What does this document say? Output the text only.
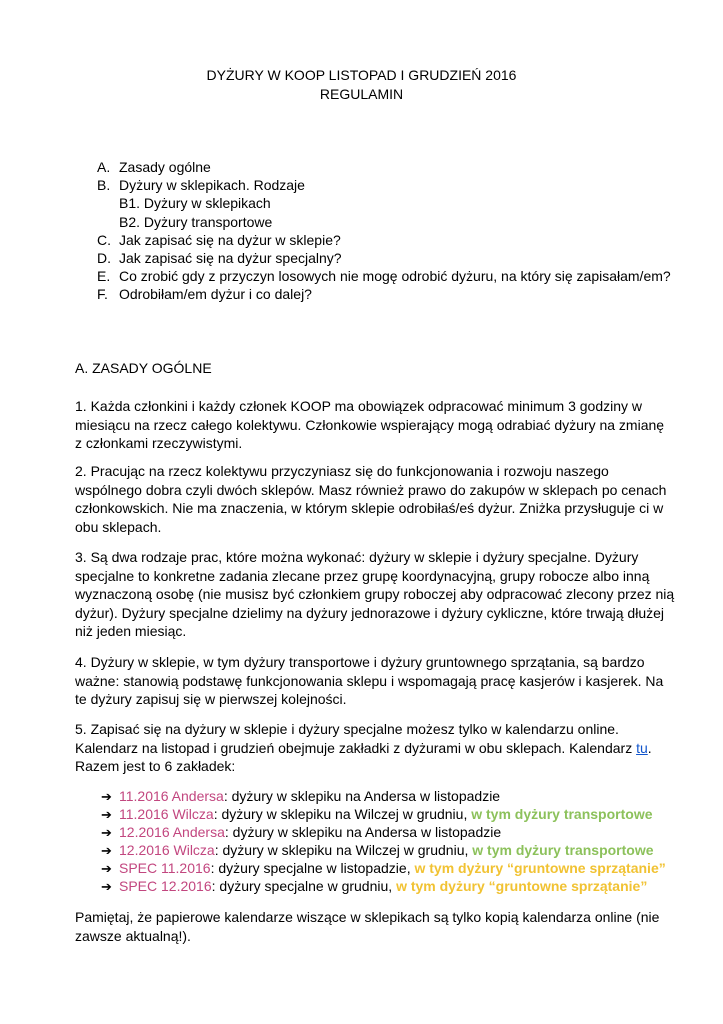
DYŻURY W KOOP LISTOPAD I GRUDZIEŃ 2016
REGULAMIN
A. Zasady ogólne
B. Dyżury w sklepikach. Rodzaje
B1. Dyżury w sklepikach
B2. Dyżury transportowe
C. Jak zapisać się na dyżur w sklepie?
D. Jak zapisać się na dyżur specjalny?
E. Co zrobić gdy z przyczyn losowych nie mogę odrobić dyżuru, na który się zapisałam/em?
F. Odrobiłam/em dyżur i co dalej?
A. ZASADY OGÓLNE
1. Każda członkini i każdy członek KOOP ma obowiązek odpracować minimum 3 godziny w
miesiącu na rzecz całego kolektywu. Członkowie wspierający mogą odrabiać dyżury na zmianę
z członkami rzeczywistymi.
2. Pracując na rzecz kolektywu przyczyniasz się do funkcjonowania i rozwoju naszego
wspólnego dobra czyli dwóch sklepów. Masz również prawo do zakupów w sklepach po cenach
członkowskich. Nie ma znaczenia, w którym sklepie odrobiłaś/eś dyżur. Zniżka przysługuje ci w
obu sklepach.
3. Są dwa rodzaje prac, które można wykonać: dyżury w sklepie i dyżury specjalne. Dyżury
specjalne to konkretne zadania zlecane przez grupę koordynacyjną, grupy robocze albo inną
wyznaczoną osobę (nie musisz być członkiem grupy roboczej aby odpracować zlecony przez nią
dyżur). Dyżury specjalne dzielimy na dyżury jednorazowe i dyżury cykliczne, które trwają dłużej
niż jeden miesiąc.
4. Dyżury w sklepie, w tym dyżury transportowe i dyżury gruntownego sprzątania, są bardzo
ważne: stanowią podstawę funkcjonowania sklepu i wspomagają pracę kasjerów i kasjerek. Na
te dyżury zapisuj się w pierwszej kolejności.
5. Zapisać się na dyżury w sklepie i dyżury specjalne możesz tylko w kalendarzu online.
Kalendarz na listopad i grudzień obejmuje zakładki z dyżurami w obu sklepach. Kalendarz tu.
Razem jest to 6 zakładek:
➔ 11.2016 Andersa: dyżury w sklepiku na Andersa w listopadzie
➔ 11.2016 Wilcza: dyżury w sklepiku na Wilczej w grudniu, w tym dyżury transportowe
➔ 12.2016 Andersa: dyżury w sklepiku na Andersa w listopadzie
➔ 12.2016 Wilcza: dyżury w sklepiku na Wilczej w grudniu, w tym dyżury transportowe
➔ SPEC 11.2016: dyżury specjalne w listopadzie, w tym dyżury “gruntowne sprzątanie”
➔ SPEC 12.2016: dyżury specjalne w grudniu, w tym dyżury “gruntowne sprzątanie”
Pamiętaj, że papierowe kalendarze wiszące w sklepikach są tylko kopią kalendarza online (nie
zawsze aktualną!).
